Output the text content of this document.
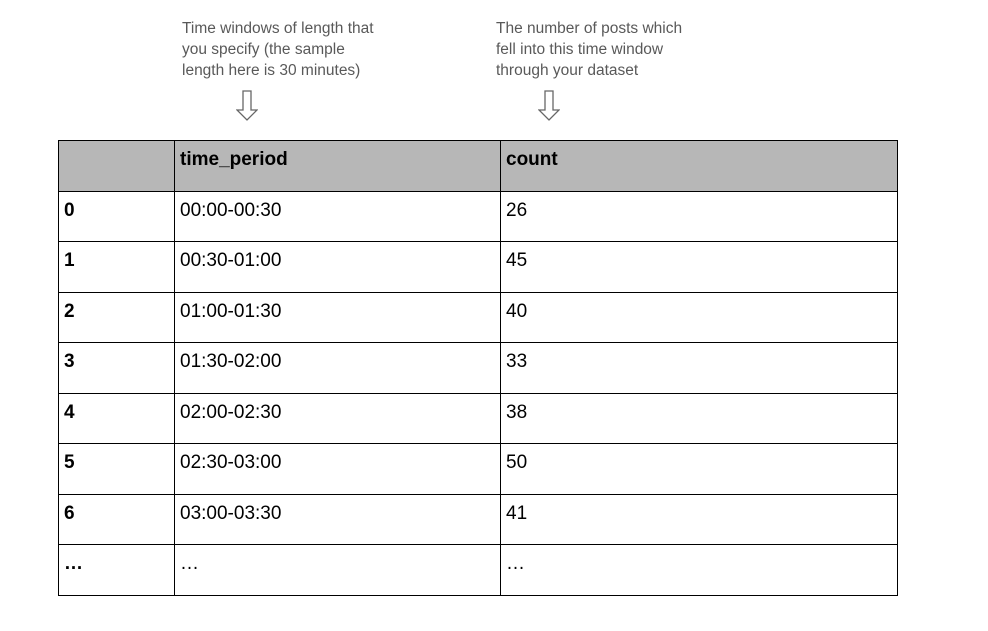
Time windows of length that
you specify (the sample
length here is 30 minutes)
The number of posts which
fell into this time window
through your dataset
	time_period	count
0	00:00-00:30	26
1	00:30-01:00	45
2	01:00-01:30	40
3	01:30-02:00	33
4	02:00-02:30	38
5	02:30-03:00	50
6	03:00-03:30	41
…	…	…
